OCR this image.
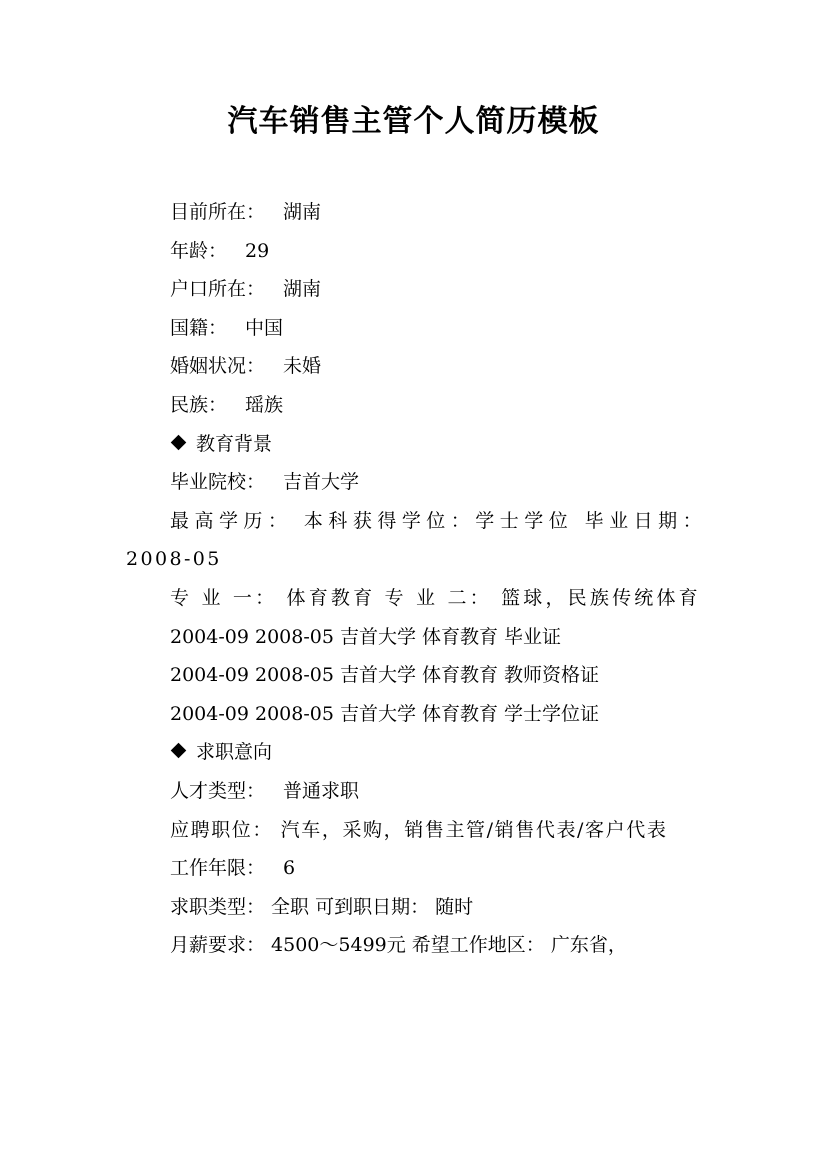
汽车销售主管个人简历模板

目前所在： 湖南

年龄： 29

户口所在： 湖南

国籍： 中国

婚姻状况： 未婚

民族： 瑶族

教育背景

毕业院校： 吉首大学

最高学历： 本科获得学位：学士学位 毕业日期： 2008-05

专 业 一： 体育教育 专 业 二： 篮球，民族传统体育

2004-09 2008-05 吉首大学 体育教育 毕业证

2004-09 2008-05 吉首大学 体育教育 教师资格证

2004-09 2008-05 吉首大学 体育教育 学士学位证

求职意向

人才类型： 普通求职

应聘职位： 汽车，采购，销售主管/销售代表/客户代表

工作年限： 6

求职类型： 全职 可到职日期： 随时

月薪要求： 4500～5499元 希望工作地区： 广东省，
